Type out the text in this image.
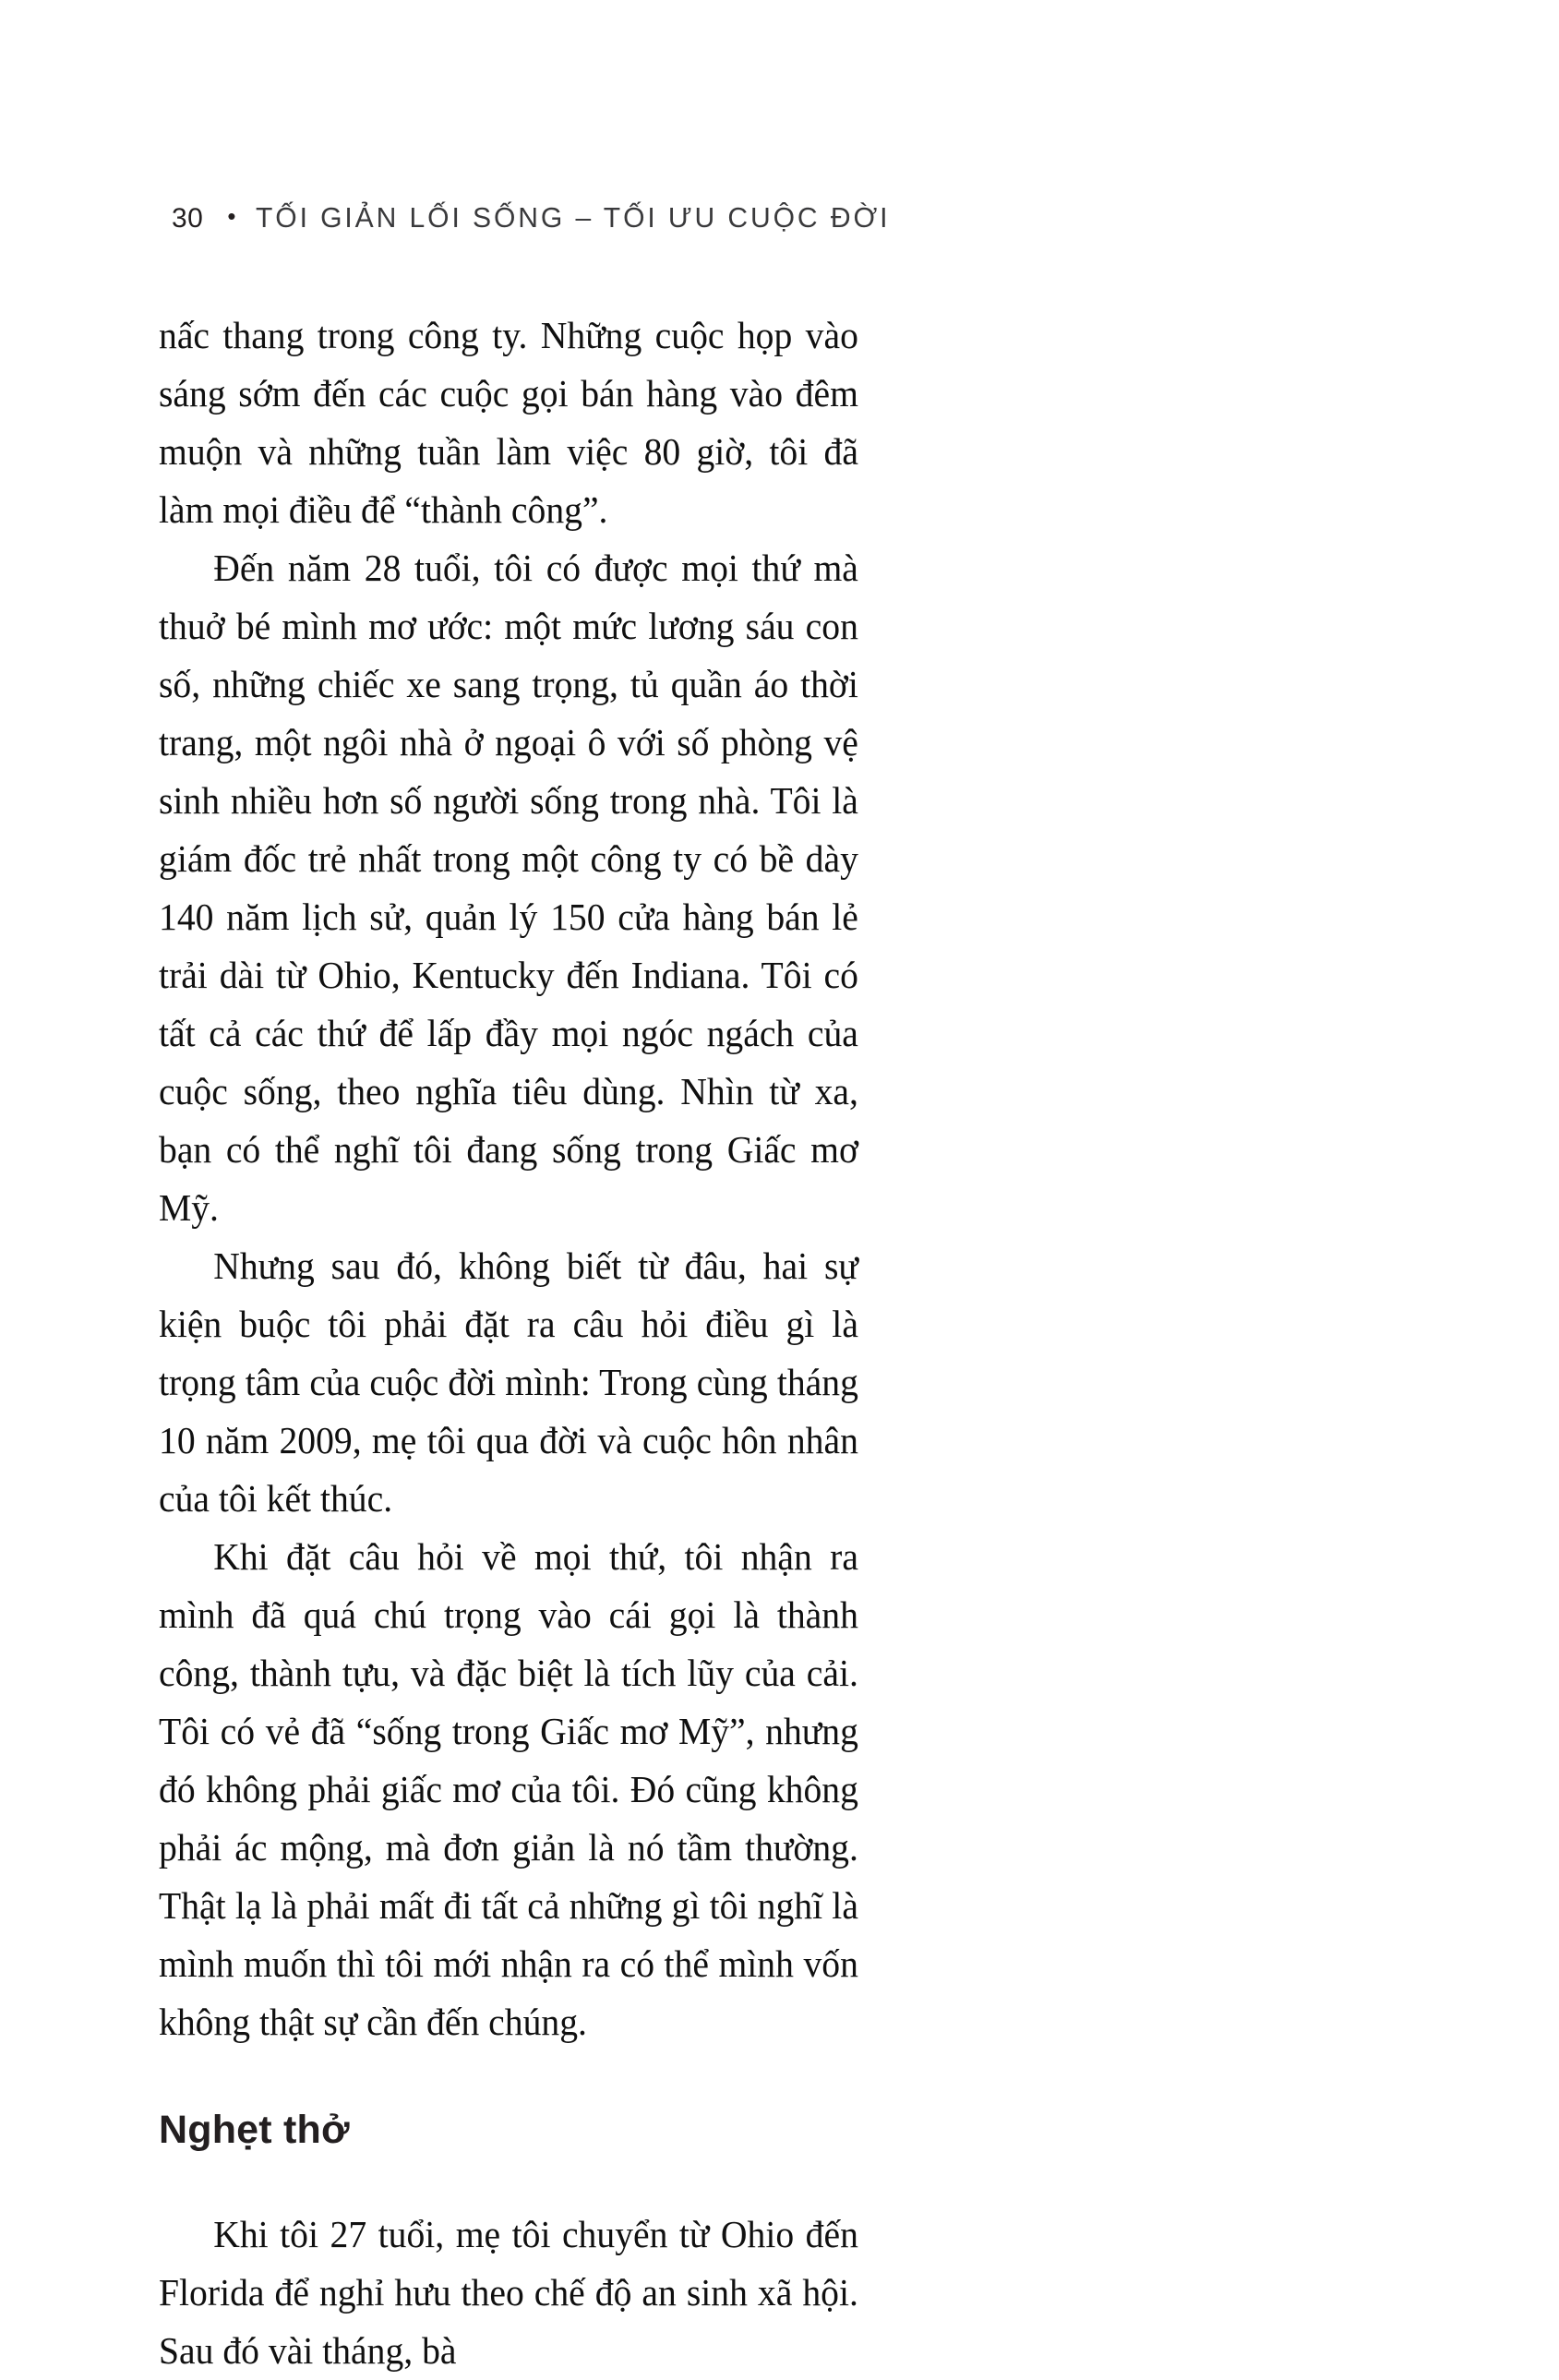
30 • TỐI GIẢN LỐI SỐNG – TỐI ƯU CUỘC ĐỜI

nấc thang trong công ty. Những cuộc họp vào sáng sớm đến các cuộc gọi bán hàng vào đêm muộn và những tuần làm việc 80 giờ, tôi đã làm mọi điều để “thành công”.

Đến năm 28 tuổi, tôi có được mọi thứ mà thuở bé mình mơ ước: một mức lương sáu con số, những chiếc xe sang trọng, tủ quần áo thời trang, một ngôi nhà ở ngoại ô với số phòng vệ sinh nhiều hơn số người sống trong nhà. Tôi là giám đốc trẻ nhất trong một công ty có bề dày 140 năm lịch sử, quản lý 150 cửa hàng bán lẻ trải dài từ Ohio, Kentucky đến Indiana. Tôi có tất cả các thứ để lấp đầy mọi ngóc ngách của cuộc sống, theo nghĩa tiêu dùng. Nhìn từ xa, bạn có thể nghĩ tôi đang sống trong Giấc mơ Mỹ.

Nhưng sau đó, không biết từ đâu, hai sự kiện buộc tôi phải đặt ra câu hỏi điều gì là trọng tâm của cuộc đời mình: Trong cùng tháng 10 năm 2009, mẹ tôi qua đời và cuộc hôn nhân của tôi kết thúc.

Khi đặt câu hỏi về mọi thứ, tôi nhận ra mình đã quá chú trọng vào cái gọi là thành công, thành tựu, và đặc biệt là tích lũy của cải. Tôi có vẻ đã “sống trong Giấc mơ Mỹ”, nhưng đó không phải giấc mơ của tôi. Đó cũng không phải ác mộng, mà đơn giản là nó tầm thường. Thật lạ là phải mất đi tất cả những gì tôi nghĩ là mình muốn thì tôi mới nhận ra có thể mình vốn không thật sự cần đến chúng.

Nghẹt thở

Khi tôi 27 tuổi, mẹ tôi chuyển từ Ohio đến Florida để nghỉ hưu theo chế độ an sinh xã hội. Sau đó vài tháng, bà
